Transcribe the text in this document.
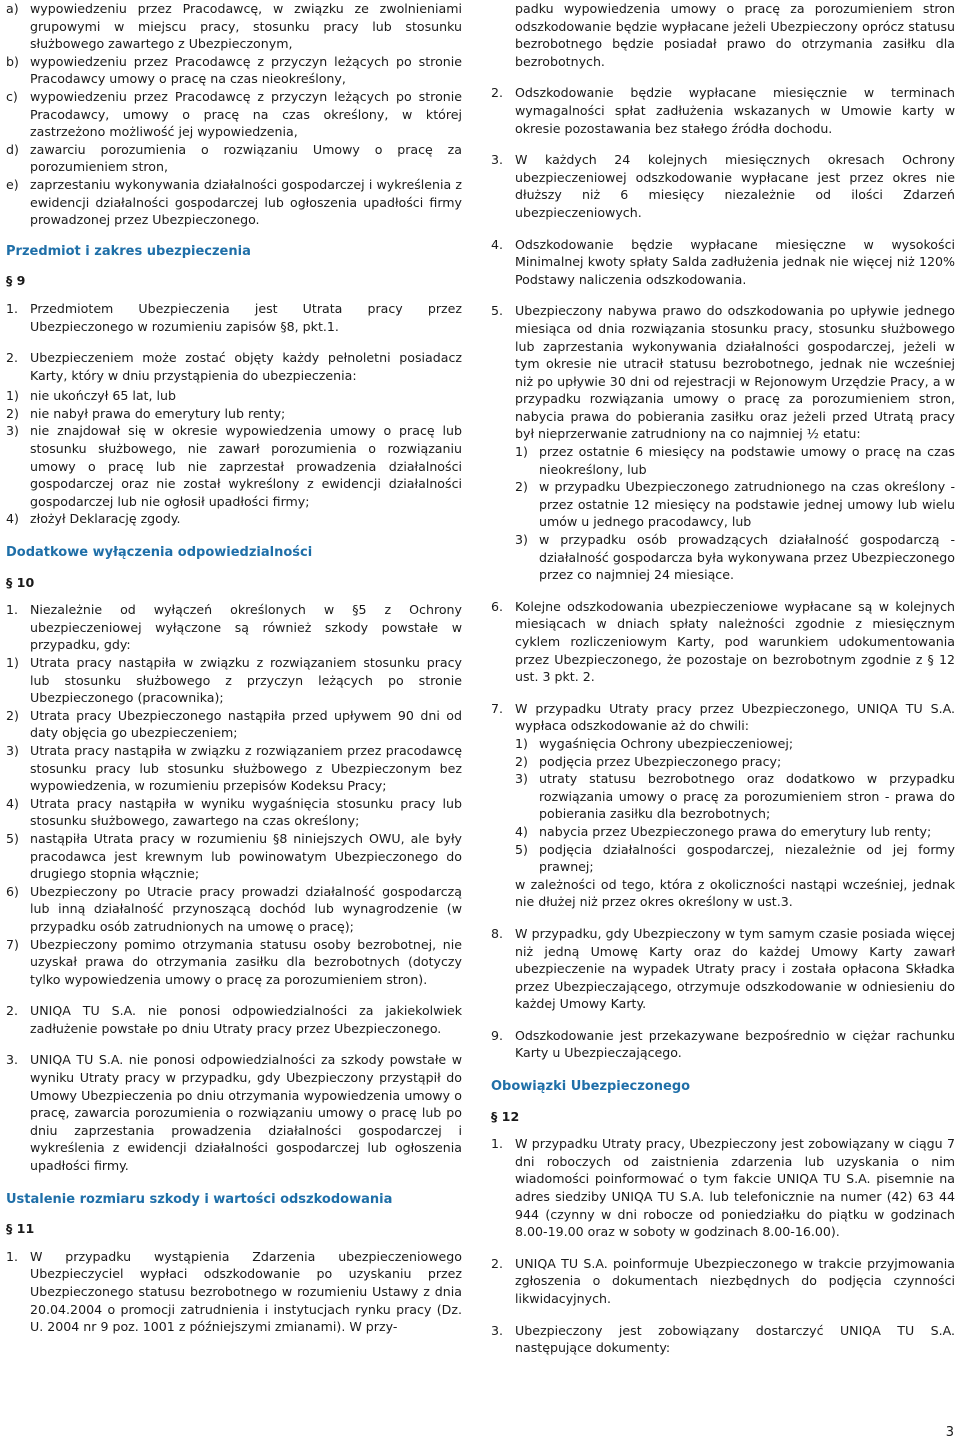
a) wypowiedzeniu przez Pracodawcę, w związku ze zwolnieniami grupowymi w miejscu pracy, stosunku pracy lub stosunku służbowego zawartego z Ubezpieczonym,
b) wypowiedzeniu przez Pracodawcę z przyczyn leżących po stronie Pracodawcy umowy o pracę na czas nieokreślony,
c) wypowiedzeniu przez Pracodawcę z przyczyn leżących po stronie Pracodawcy, umowy o pracę na czas określony, w której zastrzeżono możliwość jej wypowiedzenia,
d) zawarciu porozumienia o rozwiązaniu Umowy o pracę za porozumieniem stron,
e) zaprzestaniu wykonywania działalności gospodarczej i wykreślenia z ewidencji działalności gospodarczej lub ogłoszenia upadłości firmy prowadzonej przez Ubezpieczonego.
Przedmiot i zakres ubezpieczenia
§ 9
1. Przedmiotem Ubezpieczenia jest Utrata pracy przez Ubezpieczonego w rozumieniu zapisów §8, pkt.1.
2. Ubezpieczeniem może zostać objęty każdy pełnoletni posiadacz Karty, który w dniu przystąpienia do ubezpieczenia:
1) nie ukończył 65 lat, lub
2) nie nabył prawa do emerytury lub renty;
3) nie znajdował się w okresie wypowiedzenia umowy o pracę lub stosunku służbowego, nie zawarł porozumienia o rozwiązaniu umowy o pracę lub nie zaprzestał prowadzenia działalności gospodarczej oraz nie został wykreślony z ewidencji działalności gospodarczej lub nie ogłosił upadłości firmy;
4) złożył Deklarację zgody.
Dodatkowe wyłączenia odpowiedzialności
§ 10
1. Niezależnie od wyłączeń określonych w §5 z Ochrony ubezpieczeniowej wyłączone są również szkody powstałe w przypadku, gdy:
1) Utrata pracy nastąpiła w związku z rozwiązaniem stosunku pracy lub stosunku służbowego z przyczyn leżących po stronie Ubezpieczonego (pracownika);
2) Utrata pracy Ubezpieczonego nastąpiła przed upływem 90 dni od daty objęcia go ubezpieczeniem;
3) Utrata pracy nastąpiła w związku z rozwiązaniem przez pracodawcę stosunku pracy lub stosunku służbowego z Ubezpieczonym bez wypowiedzenia, w rozumieniu przepisów Kodeksu Pracy;
4) Utrata pracy nastąpiła w wyniku wygaśnięcia stosunku pracy lub stosunku służbowego, zawartego na czas określony;
5) nastąpiła Utrata pracy w rozumieniu §8 niniejszych OWU, ale były pracodawca jest krewnym lub powinowatym Ubezpieczonego do drugiego stopnia włącznie;
6) Ubezpieczony po Utracie pracy prowadzi działalność gospodarczą lub inną działalność przynoszącą dochód lub wynagrodzenie (w przypadku osób zatrudnionych na umowę o pracę);
7) Ubezpieczony pomimo otrzymania statusu osoby bezrobotnej, nie uzyskał prawa do otrzymania zasiłku dla bezrobotnych (dotyczy tylko wypowiedzenia umowy o pracę za porozumieniem stron).
2. UNIQA TU S.A. nie ponosi odpowiedzialności za jakiekolwiek zadłużenie powstałe po dniu Utraty pracy przez Ubezpieczonego.
3. UNIQA TU S.A. nie ponosi odpowiedzialności za szkody powstałe w wyniku Utraty pracy w przypadku, gdy Ubezpieczony przystąpił do Umowy Ubezpieczenia po dniu otrzymania wypowiedzenia umowy o pracę, zawarcia porozumienia o rozwiązaniu umowy o pracę lub po dniu zaprzestania prowadzenia działalności gospodarczej i wykreślenia z ewidencji działalności gospodarczej lub ogłoszenia upadłości firmy.
Ustalenie rozmiaru szkody i wartości odszkodowania
§ 11
1. W przypadku wystąpienia Zdarzenia ubezpieczeniowego Ubezpieczyciel wypłaci odszkodowanie po uzyskaniu przez Ubezpieczonego statusu bezrobotnego w rozumieniu Ustawy z dnia 20.04.2004 o promocji zatrudnienia i instytucjach rynku pracy (Dz. U. 2004 nr 9 poz. 1001 z późniejszymi zmianami). W przy-
padku wypowiedzenia umowy o pracę za porozumieniem stron odszkodowanie będzie wypłacane jeżeli Ubezpieczony oprócz statusu bezrobotnego będzie posiadał prawo do otrzymania zasiłku dla bezrobotnych.
2. Odszkodowanie będzie wypłacane miesięcznie w terminach wymagalności spłat zadłużenia wskazanych w Umowie karty w okresie pozostawania bez stałego źródła dochodu.
3. W każdych 24 kolejnych miesięcznych okresach Ochrony ubezpieczeniowej odszkodowanie wypłacane jest przez okres nie dłuższy niż 6 miesięcy niezależnie od ilości Zdarzeń ubezpieczeniowych.
4. Odszkodowanie będzie wypłacane miesięczne w wysokości Minimalnej kwoty spłaty Salda zadłużenia jednak nie więcej niż 120% Podstawy naliczenia odszkodowania.
5. Ubezpieczony nabywa prawo do odszkodowania po upływie jednego miesiąca od dnia rozwiązania stosunku pracy, stosunku służbowego lub zaprzestania wykonywania działalności gospodarczej, jeżeli w tym okresie nie utracił statusu bezrobotnego, jednak nie wcześniej niż po upływie 30 dni od rejestracji w Rejonowym Urzędzie Pracy, a w przypadku rozwiązania umowy o pracę za porozumieniem stron, nabycia prawa do pobierania zasiłku oraz jeżeli przed Utratą pracy był nieprzerwanie zatrudniony na co najmniej ½ etatu:
1) przez ostatnie 6 miesięcy na podstawie umowy o pracę na czas nieokreślony, lub
2) w przypadku Ubezpieczonego zatrudnionego na czas określony - przez ostatnie 12 miesięcy na podstawie jednej umowy lub wielu umów u jednego pracodawcy, lub
3) w przypadku osób prowadzących działalność gospodarczą - działalność gospodarcza była wykonywana przez Ubezpieczonego przez co najmniej 24 miesiące.
6. Kolejne odszkodowania ubezpieczeniowe wypłacane są w kolejnych miesiącach w dniach spłaty należności zgodnie z miesięcznym cyklem rozliczeniowym Karty, pod warunkiem udokumentowania przez Ubezpieczonego, że pozostaje on bezrobotnym zgodnie z § 12 ust. 3 pkt. 2.
7. W przypadku Utraty pracy przez Ubezpieczonego, UNIQA TU S.A. wypłaca odszkodowanie aż do chwili:
1) wygaśnięcia Ochrony ubezpieczeniowej;
2) podjęcia przez Ubezpieczonego pracy;
3) utraty statusu bezrobotnego oraz dodatkowo w przypadku rozwiązania umowy o pracę za porozumieniem stron - prawa do pobierania zasiłku dla bezrobotnych;
4) nabycia przez Ubezpieczonego prawa do emerytury lub renty;
5) podjęcia działalności gospodarczej, niezależnie od jej formy prawnej;
w zależności od tego, która z okoliczności nastąpi wcześniej, jednak nie dłużej niż przez okres określony w ust.3.
8. W przypadku, gdy Ubezpieczony w tym samym czasie posiada więcej niż jedną Umowę Karty oraz do każdej Umowy Karty zawarł ubezpieczenie na wypadek Utraty pracy i została opłacona Składka przez Ubezpieczającego, otrzymuje odszkodowanie w odniesieniu do każdej Umowy Karty.
9. Odszkodowanie jest przekazywane bezpośrednio w ciężar rachunku Karty u Ubezpieczającego.
Obowiązki Ubezpieczonego
§ 12
1. W przypadku Utraty pracy, Ubezpieczony jest zobowiązany w ciągu 7 dni roboczych od zaistnienia zdarzenia lub uzyskania o nim wiadomości poinformować o tym fakcie UNIQA TU S.A. pisemnie na adres siedziby UNIQA TU S.A. lub telefonicznie na numer (42) 63 44 944 (czynny w dni robocze od poniedziałku do piątku w godzinach 8.00-19.00 oraz w soboty w godzinach 8.00-16.00).
2. UNIQA TU S.A. poinformuje Ubezpieczonego w trakcie przyjmowania zgłoszenia o dokumentach niezbędnych do podjęcia czynności likwidacyjnych.
3. Ubezpieczony jest zobowiązany dostarczyć UNIQA TU S.A. następujące dokumenty:
3
